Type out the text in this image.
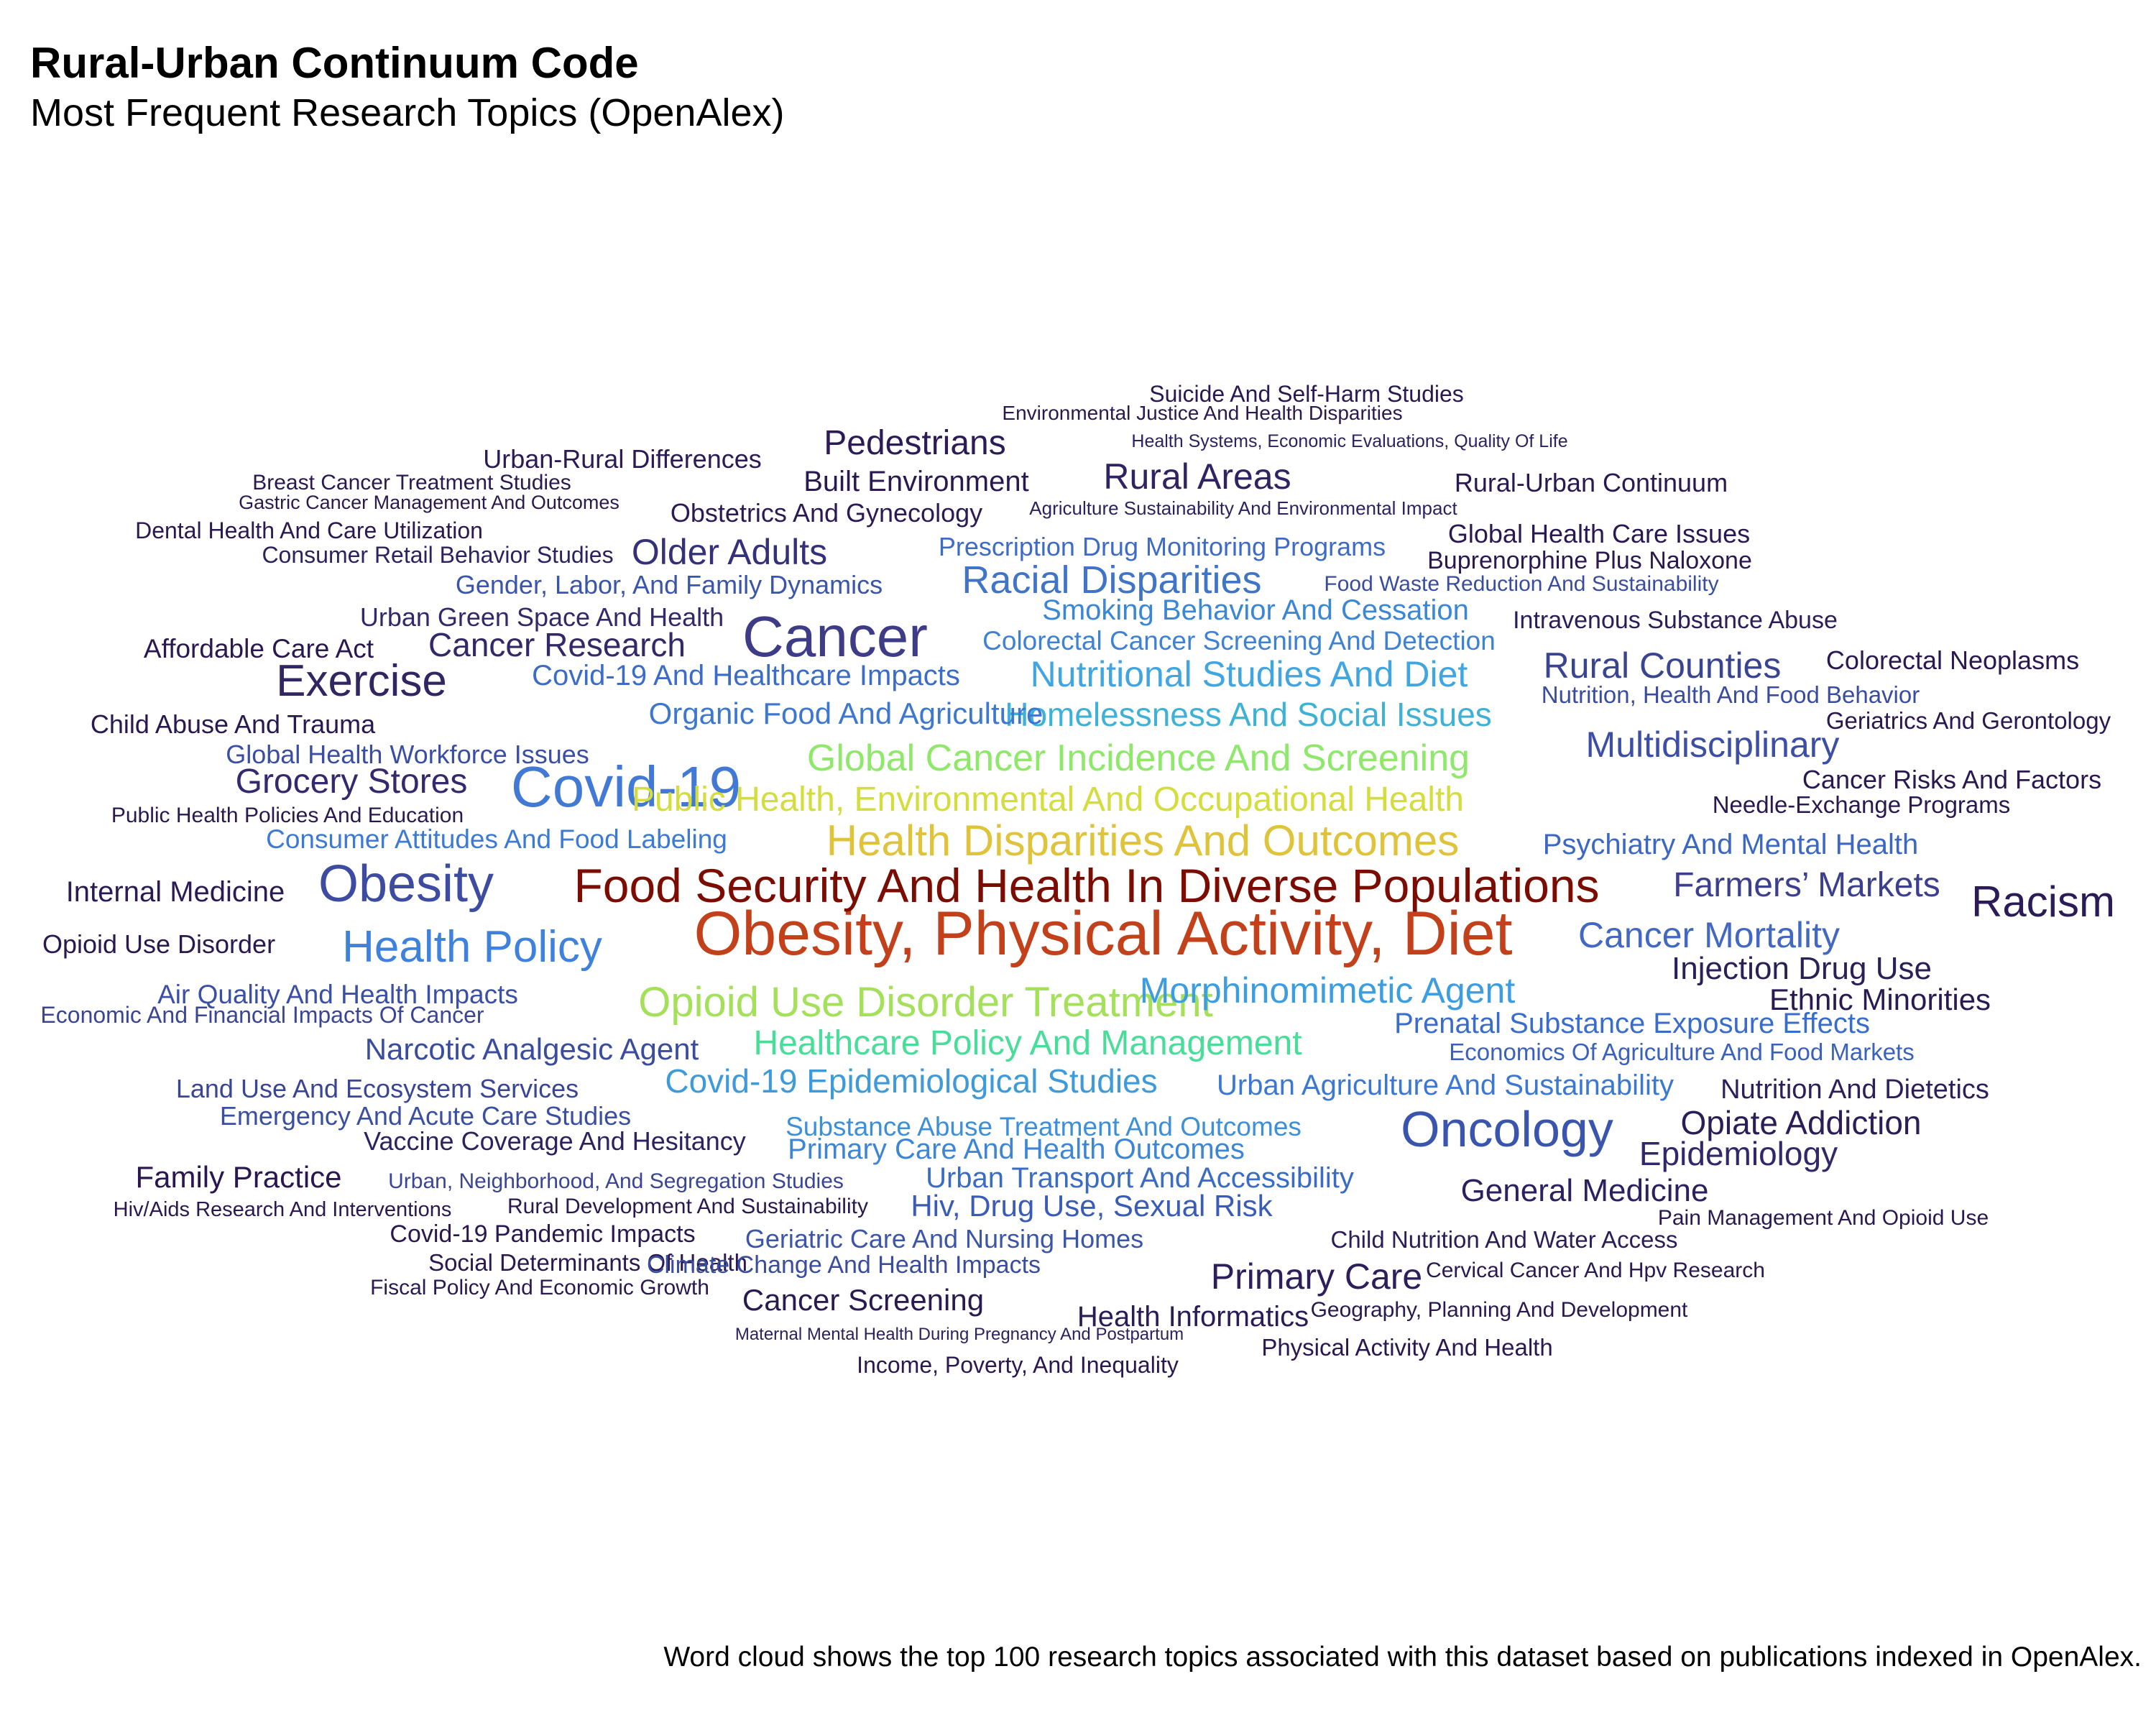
Rural-Urban Continuum Code
Most Frequent Research Topics (OpenAlex)
Obesity, Physical Activity, Diet
Food Security And Health In Diverse Populations
Cancer
Covid-19
Obesity
Oncology
Health Disparities And Outcomes
Opioid Use Disorder Treatment
Health Policy
Racism
Exercise
Global Cancer Incidence And Screening
Nutritional Studies And Diet
Racial Disparities
Public Health, Environmental And Occupational Health
Rural Counties
Multidisciplinary
Cancer Mortality
Morphinomimetic Agent
Healthcare Policy And Management
Homelessness And Social Issues
Older Adults
Rural Areas
Pedestrians
Farmers’ Markets
Grocery Stores
Cancer Research
Covid-19 Epidemiological Studies
Primary Care
Opiate Addiction
Epidemiology
Injection Drug Use
General Medicine
Hiv, Drug Use, Sexual Risk
Covid-19 And Healthcare Impacts
Organic Food And Agriculture
Built Environment
Family Practice
Ethnic Minorities
Narcotic Analgesic Agent
Urban Agriculture And Sustainability
Smoking Behavior And Cessation
Psychiatry And Mental Health
Prenatal Substance Exposure Effects
Cancer Screening
Primary Care And Health Outcomes
Urban Transport And Accessibility
Health Informatics
Internal Medicine
Nutrition And Dietetics
Colorectal Cancer Screening And Detection
Consumer Attitudes And Food Labeling
Affordable Care Act
Prescription Drug Monitoring Programs
Gender, Labor, And Family Dynamics
Substance Abuse Treatment And Outcomes
Air Quality And Health Impacts
Colorectal Neoplasms
Rural-Urban Continuum
Global Health Workforce Issues
Obstetrics And Gynecology
Urban-Rural Differences
Child Abuse And Trauma
Opioid Use Disorder
Land Use And Ecosystem Services
Emergency And Acute Care Studies
Vaccine Coverage And Hesitancy
Urban Green Space And Health
Cancer Risks And Factors
Global Health Care Issues
Suicide And Self-Harm Studies
Covid-19 Pandemic Impacts Geriatric Care And Nursing Homes
Intravenous Substance Abuse
Buprenorphine Plus Naloxone
Nutrition, Health And Food Behavior
Economics Of Agriculture And Food Markets
Child Nutrition And Water Access
Needle-Exchange Programs
Geriatrics And Gerontology
Social Determinants Of Health
Climate Change And Health Impacts
Physical Activity And Health
Income, Poverty, And Inequality
Dental Health And Care Utilization
Economic And Financial Impacts Of Cancer
Consumer Retail Behavior Studies
Food Waste Reduction And Sustainability
Breast Cancer Treatment Studies
Public Health Policies And Education
Rural Development And Sustainability	Pain Management And Opioid Use
Fiscal Policy And Economic Growth
Urban, Neighborhood, And Segregation Studies
Environmental Justice And Health Disparities
Cervical Cancer And Hpv Research
Geography, Planning And Development
Hiv/Aids Research And Interventions
Gastric Cancer Management And Outcomes	Agriculture Sustainability And Environmental Impact
Health Systems, Economic Evaluations, Quality Of Life
Maternal Mental Health During Pregnancy And Postpartum
Word cloud shows the top 100 research topics associated with this dataset based on publications indexed in OpenAlex.
